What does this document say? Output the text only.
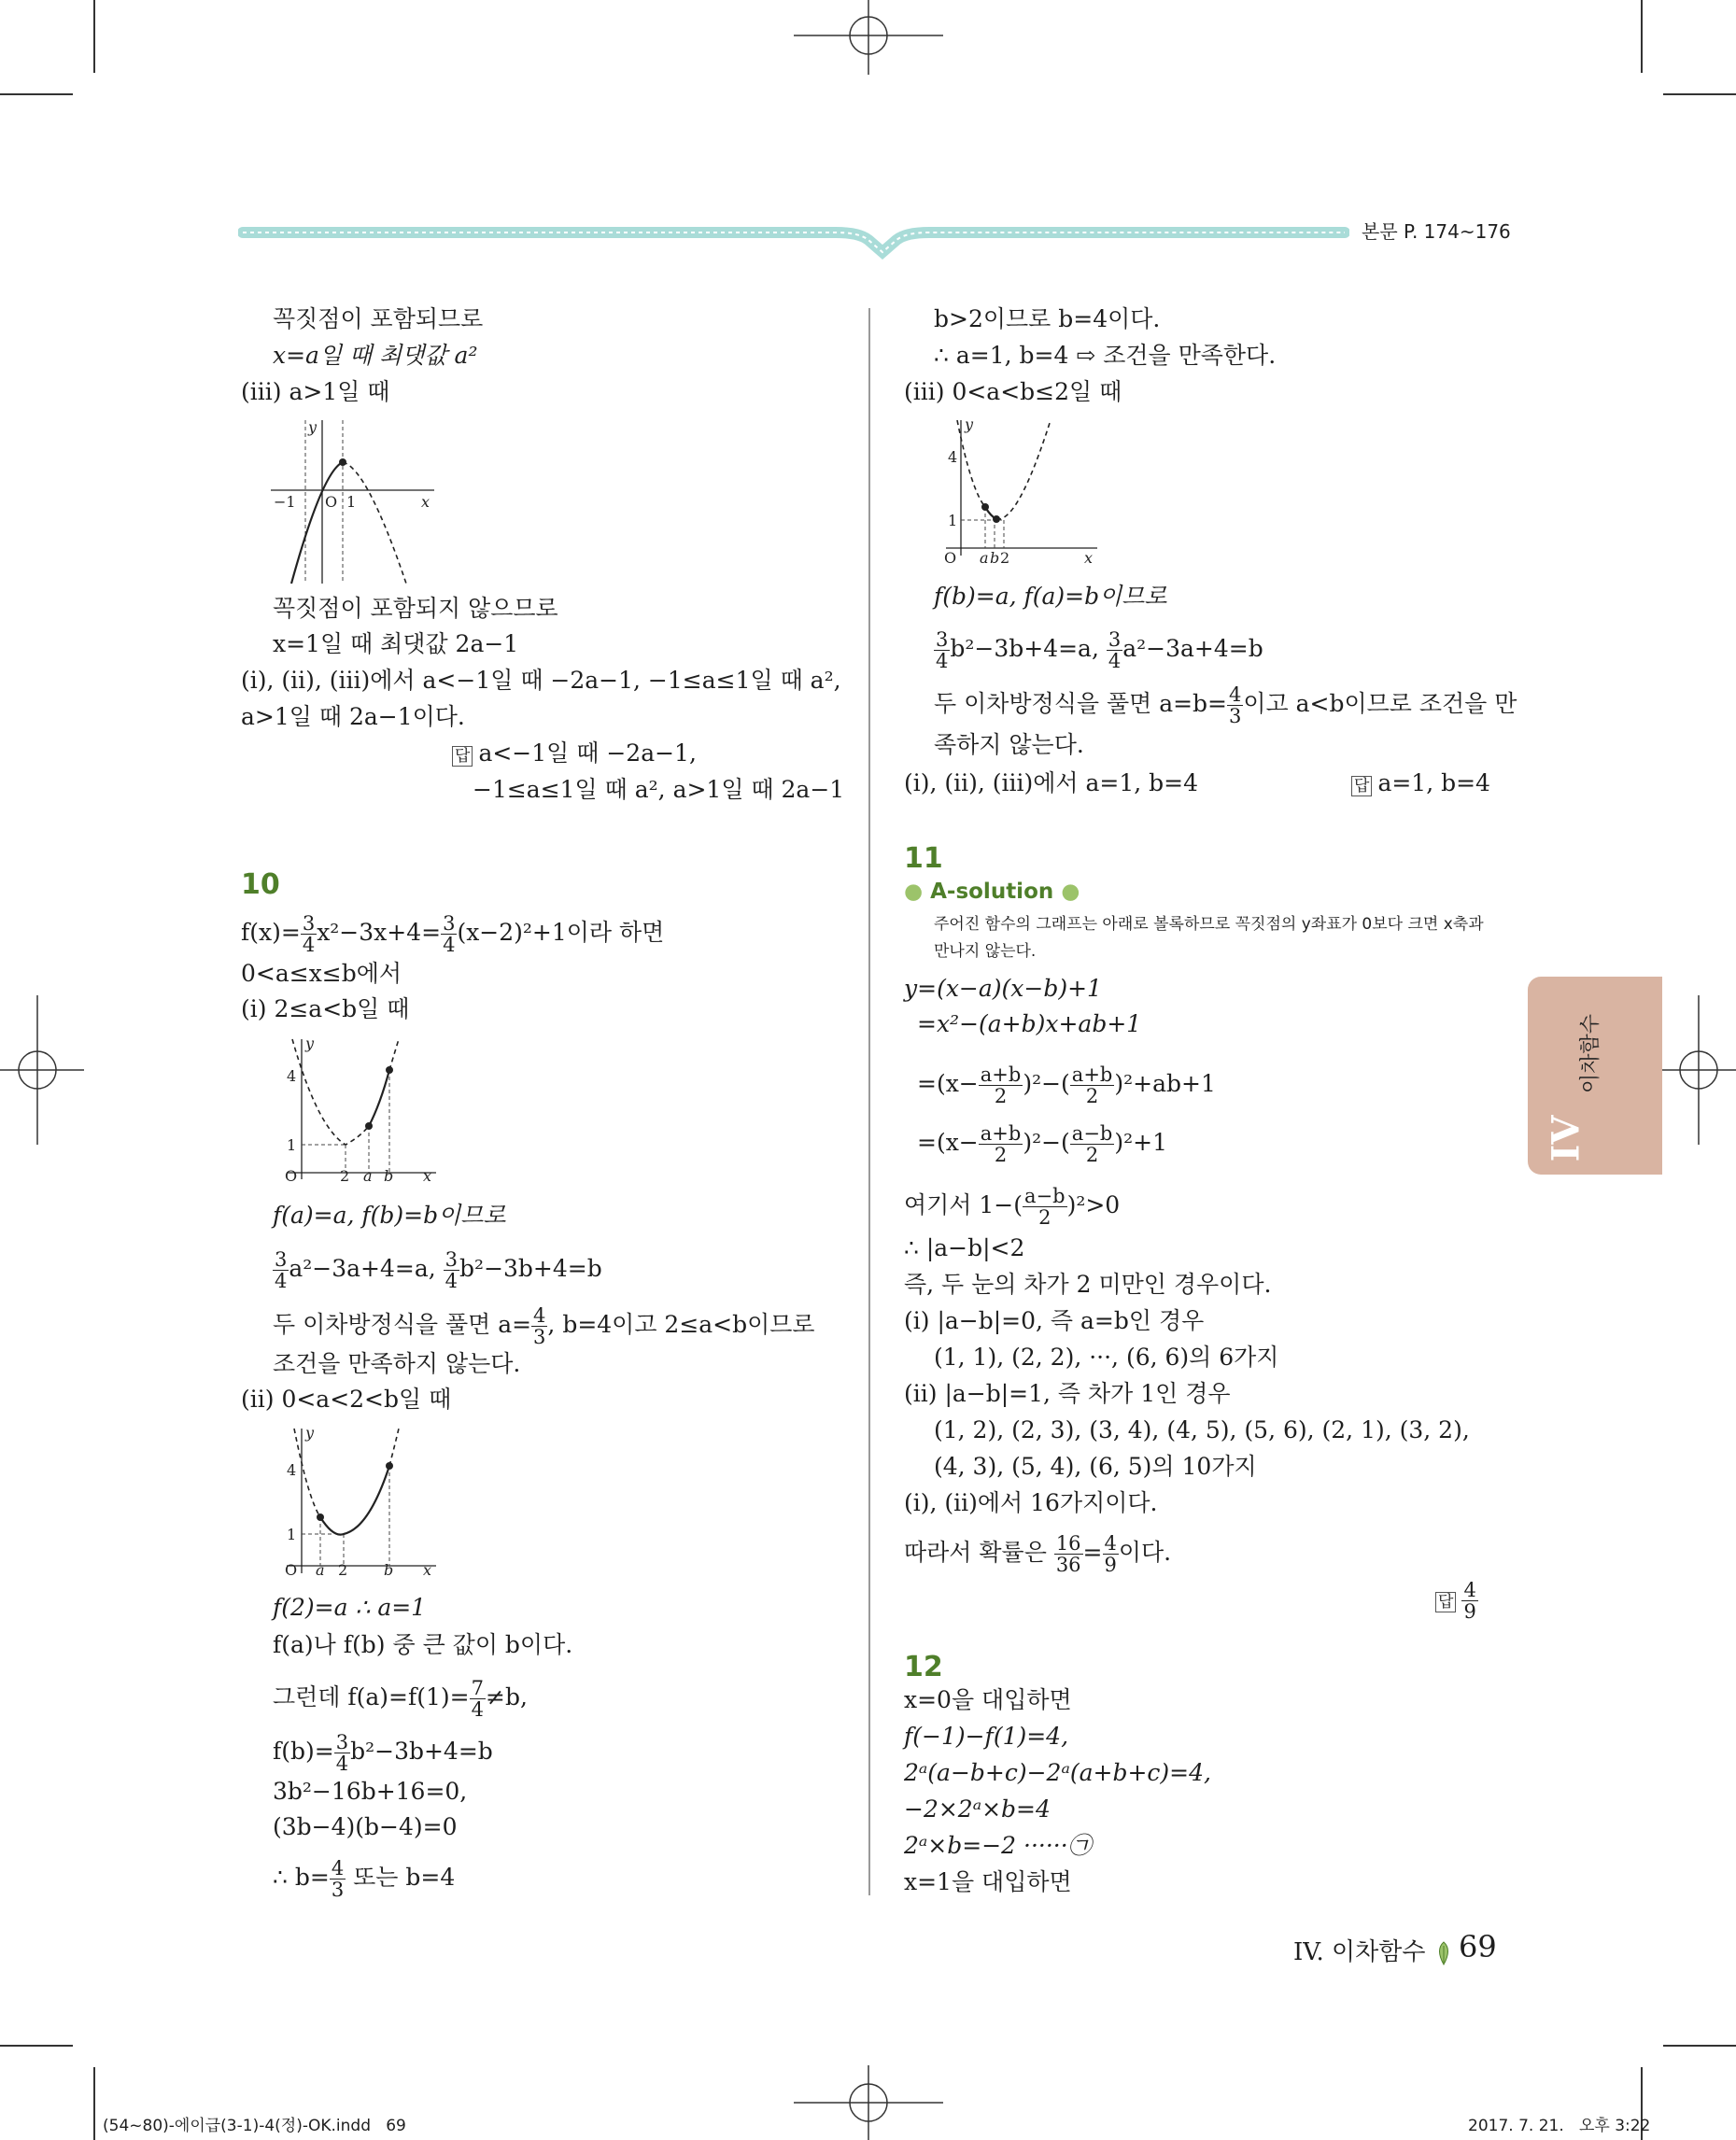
본문 P. 174~176
이차함수
IV
꼭짓점이 포함되므로
x=a일 때 최댓값 a²
(ⅲ) a>1일 때
y
−1 O 1	x
꼭짓점이 포함되지 않으므로
x=1일 때 최댓값 2a−1
(ⅰ), (ⅱ), (ⅲ)에서 a<−1일 때 −2a−1, −1≤a≤1일 때 a²,
a>1일 때 2a−1이다.
답 a<−1일 때 −2a−1,
−1≤a≤1일 때 a², a>1일 때 2a−1
10
$f(x)= \frac{3}{4} x^2-3x+4= \frac{3}{4} (x-2)^2+1$이라 하면
0<a≤x≤b에서
(ⅰ) 2≤a<b일 때
y
4
1
O	2 a b x
f(a)=a, f(b)=b이므로
$\frac{3}{4} a^2-3a+4=a$, $\frac{3}{4} b^2-3b+4=b$
두 이차방정식을 풀면 $a= \frac{4}{3}$ , b=4이고 2≤a<b이므로
조건을 만족하지 않는다.
(ⅱ) 0<a<2<b일 때
y
4
1
O a 2 b x
f(2)=a ∴ a=1
f(a)나 f(b) 중 큰 값이 b이다.
그런데 $f(a)=f(1)= \frac{7}{4} \ne b$,
$f(b)= \frac{3}{4} b^2-3b+4=b$
3b²−16b+16=0,
(3b−4)(b−4)=0
∴ $b= \frac{4}{3}$ 또는 b=4
b>2이므로 b=4이다.
∴ a=1, b=4 ⇨ 조건을 만족한다.
(ⅲ) 0<a<b≤2일 때
y
4
1
O a b 2	x
f(b)=a, f(a)=b이므로
$\frac{3}{4} b^2-3b+4=a$, $\frac{3}{4} a^2-3a+4=b$
두 이차방정식을 풀면 $a=b= \frac{4}{3}$ 이고 a<b이므로 조건을 만
족하지 않는다.
(ⅰ), (ⅱ), (ⅲ)에서 a=1, b=4	답 a=1, b=4
11
● A-solution ●
주어진 함수의 그래프는 아래로 볼록하므로 꼭짓점의 y좌표가 0보다 크면 x축과
만나지 않는다.
y=(x−a)(x−b)+1
=x²−(a+b)x+ab+1
$=(x- \frac{a+b}{2} )^2-( \frac{a+b}{2} )^2+ab+1$
$=(x- \frac{a+b}{2} )^2-( \frac{a-b}{2} )^2+1$
여기서 $1-( \frac{a-b}{2} )^2>0$
∴ |a−b|<2
즉, 두 눈의 차가 2 미만인 경우이다.
(ⅰ) |a−b|=0, 즉 a=b인 경우
(1, 1), (2, 2), ···, (6, 6)의 6가지
(ⅱ) |a−b|=1, 즉 차가 1인 경우
(1, 2), (2, 3), (3, 4), (4, 5), (5, 6), (2, 1), (3, 2),
(4, 3), (5, 4), (6, 5)의 10가지
(ⅰ), (ⅱ)에서 16가지이다.
따라서 확률은 $\frac{16}{36} = \frac{4}{9}$ 이다.
답 $\frac{4}{9}$
12
x=0을 대입하면
f(−1)−f(1)=4,
2ᵃ(a−b+c)−2ᵃ(a+b+c)=4,
−2×2ᵃ×b=4
2ᵃ×b=−2 ······㉠
x=1을 대입하면
IV. 이차함수	69
(54~80)-에이급(3-1)-4(정)-OK.indd   69	2017. 7. 21.   오후 3:22
